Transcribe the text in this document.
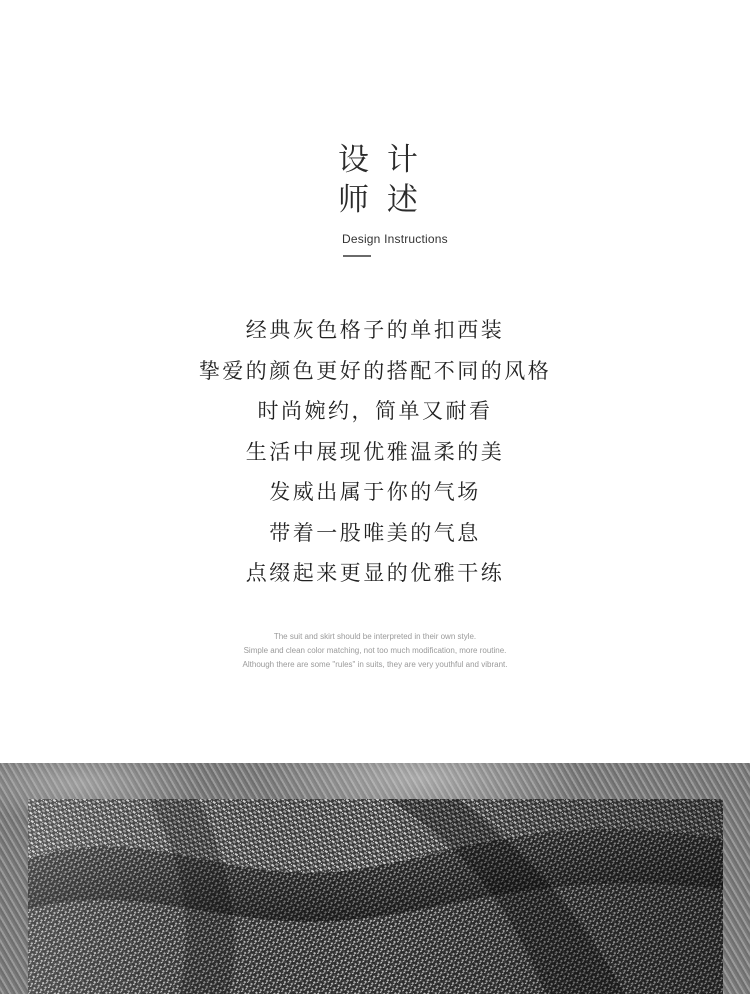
设 计
师 述
Design Instructions
经典灰色格子的单扣西装
挚爱的颜色更好的搭配不同的风格
时尚婉约，简单又耐看
生活中展现优雅温柔的美
发威出属于你的气场
带着一股唯美的气息
点缀起来更显的优雅干练
The suit and skirt should be interpreted in their own style.
Simple and clean color matching, not too much modification, more routine.
Although there are some "rules" in suits, they are very youthful and vibrant.
